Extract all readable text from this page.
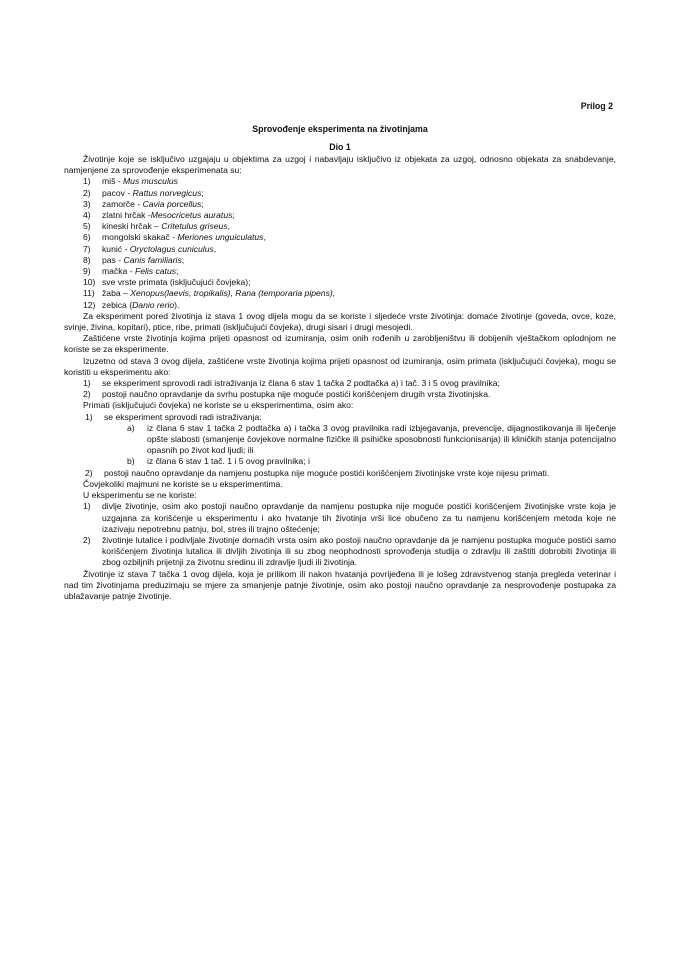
Prilog 2
Sprovođenje eksperimenta na životinjama
Dio 1

Životinje koje se isključivo uzgajaju u objektima za uzgoj i nabavljaju isključivo iz objekata za uzgoj, odnosno objekata za snabdevanje, namjenjene za sprovođenje eksperimenata su:

1)	miš - Mus musculus
2)	pacov - Rattus norvegicus;
3)	zamorče - Cavia porcellus;
4)	zlatni hrčak -Mesocricetus auratus;
5)	kineski hrčak – Critetulus griseus,
6)	mongolski skakač - Meriones unguiculatus,
7)	kunić - Oryctolagus cuniculus,
8)	pas - Canis familiaris;
9)	mačka - Felis catus;
10) sve vrste primata (isključujući čovjeka);
11) žaba – Xenopus(laevis, tropikalis), Rana (temporaria pipens),
12) zebica (Danio rerio).

Za eksperiment pored životinja iz stava 1 ovog dijela mogu da se koriste i sljedeće vrste životinja: domaće životinje (goveda, ovce, koze, svinje, živina, kopitari), ptice, ribe, primati (isključujući čovjeka), drugi sisari i drugi mesojedi.

Zaštićene vrste životinja kojima prijeti opasnost od izumiranja, osim onih rođenih u zarobljeništvu ili dobijenih vještačkom oplodnjom ne koriste se za eksperimente.

Izuzetno od stava 3 ovog dijela, zaštićene vrste životinja kojima prijeti opasnost od izumiranja, osim primata (isključujući čovjeka), mogu se koristiti u eksperimentu ako:

1)	se eksperiment sprovodi radi istraživanja iz člana 6 stav 1 tačka 2 podtačka a) i tač. 3 i 5 ovog pravilnika;
2)	postoji naučno opravdanje da svrhu postupka nije moguće postići korišćenjem drugih vrsta životinjska.

Primati (isključujući čovjeka) ne koriste se u eksperimentima, osim ako:

1)	se eksperiment sprovodi radi istraživanja:
a)	iz člana 6 stav 1 tačka 2 podtačka a) i tačka 3 ovog pravilnika radi izbjegavanja, prevencije, dijagnostikovanja ili liječenje opšte slabosti (smanjenje čovjekove normalne fizičke ili psihičke sposobnosti funkcionisanja) ili kliničkih stanja potencijalno opasnih po život kod ljudi; ili
b)	iz člana 6 stav 1 tač. 1 i 5 ovog pravilnika; i
2)	postoji naučno opravdanje da namjenu postupka nije moguće postići korišćenjem životinjske vrste koje nijesu primati.

Čovjekoliki majmuni ne koriste se u eksperimentima.

U eksperimentu se ne koriste:

1)	divlje životinje, osim ako postoji naučno opravdanje da namjenu postupka nije moguće postići korišćenjem životinjske vrste koja je uzgajana za korišćenje u eksperimentu i ako hvatanje tih životinja vrši lice obučeno za tu namjenu korišćenjem metoda koje ne izazivaju nepotrebnu patnju, bol, stres ili trajno oštećenje;
2)	životinje lutalice i podivljale životinje domaćih vrsta osim ako postoji naučno opravdanje da je namjenu postupka moguće postići samo korišćenjem životinja lutalica ili divljih životinja ili su zbog neophodnosti sprovođenja studija o zdravlju ili zaštiti dobrobiti životinja ili zbog ozbiljnih prijetnji za životnu sredinu ili zdravlje ljudi ili životinja.

Životinje iz stava 7 tačka 1 ovog dijela, koja je prilikom ili nakon hvatanja povrijeđena ili je lošeg zdravstvenog stanja pregleda veterinar i nad tim životinjama preduzimaju se mjere za smanjenje patnje životinje, osim ako postoji naučno opravdanje za nesprovođenje postupaka za ublažavanje patnje životinje.
